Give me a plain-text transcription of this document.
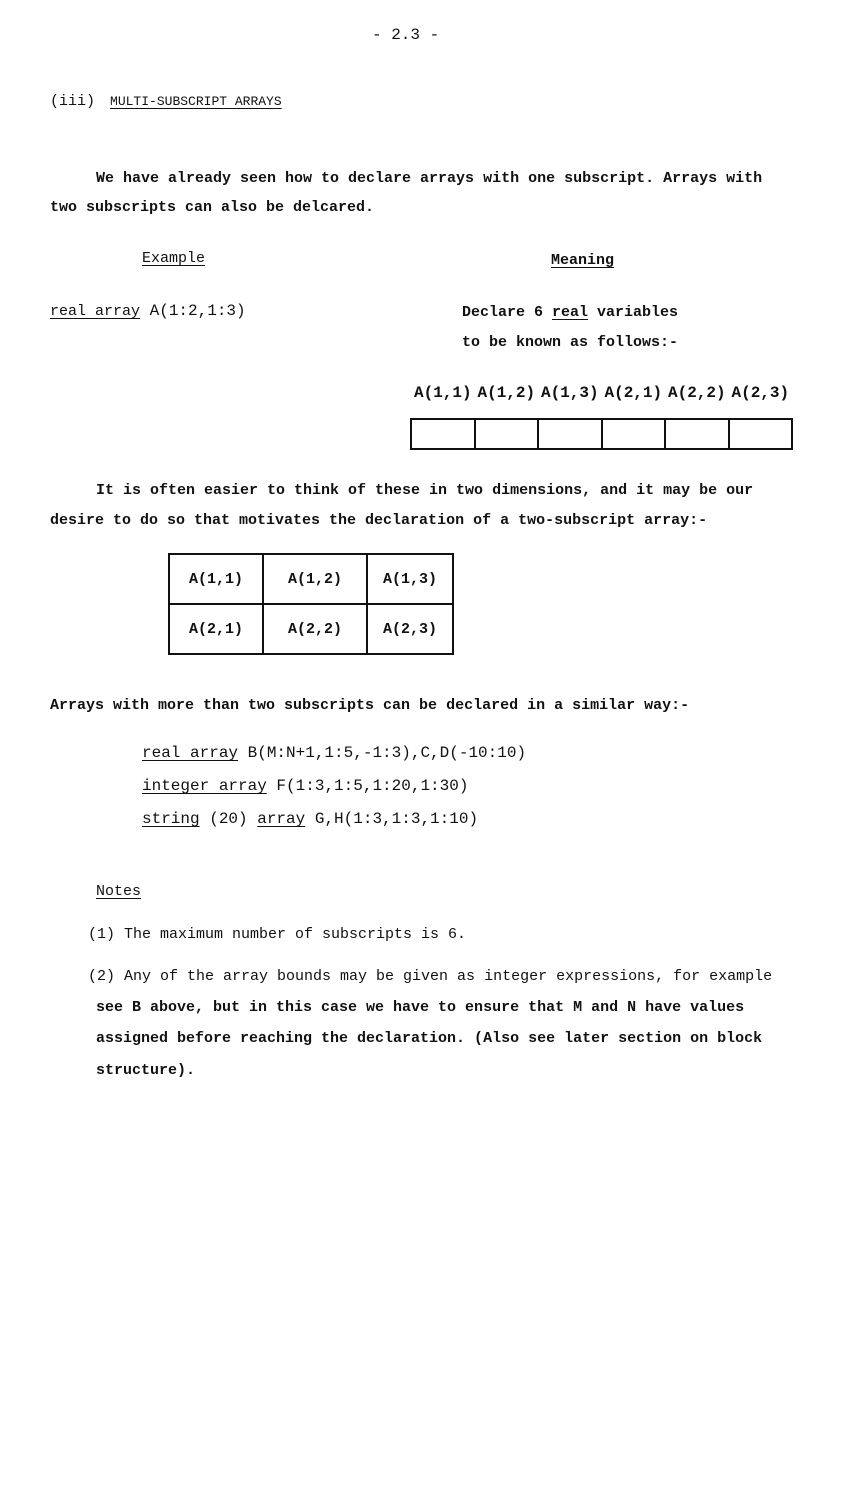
- 2.3 -
(iii) MULTI-SUBSCRIPT ARRAYS
We have already seen how to declare arrays with one subscript. Arrays with
two subscripts can also be delcared.
Example	Meaning
real array A(1:2,1:3)	Declare 6 real variables
to be known as follows:-
A(1,1) A(1,2) A(1,3) A(2,1) A(2,2) A(2,3)
It is often easier to think of these in two dimensions, and it may be our
desire to do so that motivates the declaration of a two-subscript array:-
A(1,1)	A(1,2)	A(1,3)
A(2,1)	A(2,2)	A(2,3)
Arrays with more than two subscripts can be declared in a similar way:-
real array B(M:N+1,1:5,-1:3),C,D(-10:10)
integer array F(1:3,1:5,1:20,1:30)
string (20) array G,H(1:3,1:3,1:10)
Notes
(1) The maximum number of subscripts is 6.
(2) Any of the array bounds may be given as integer expressions, for example
see B above, but in this case we have to ensure that M and N have values
assigned before reaching the declaration. (Also see later section on block
structure).
